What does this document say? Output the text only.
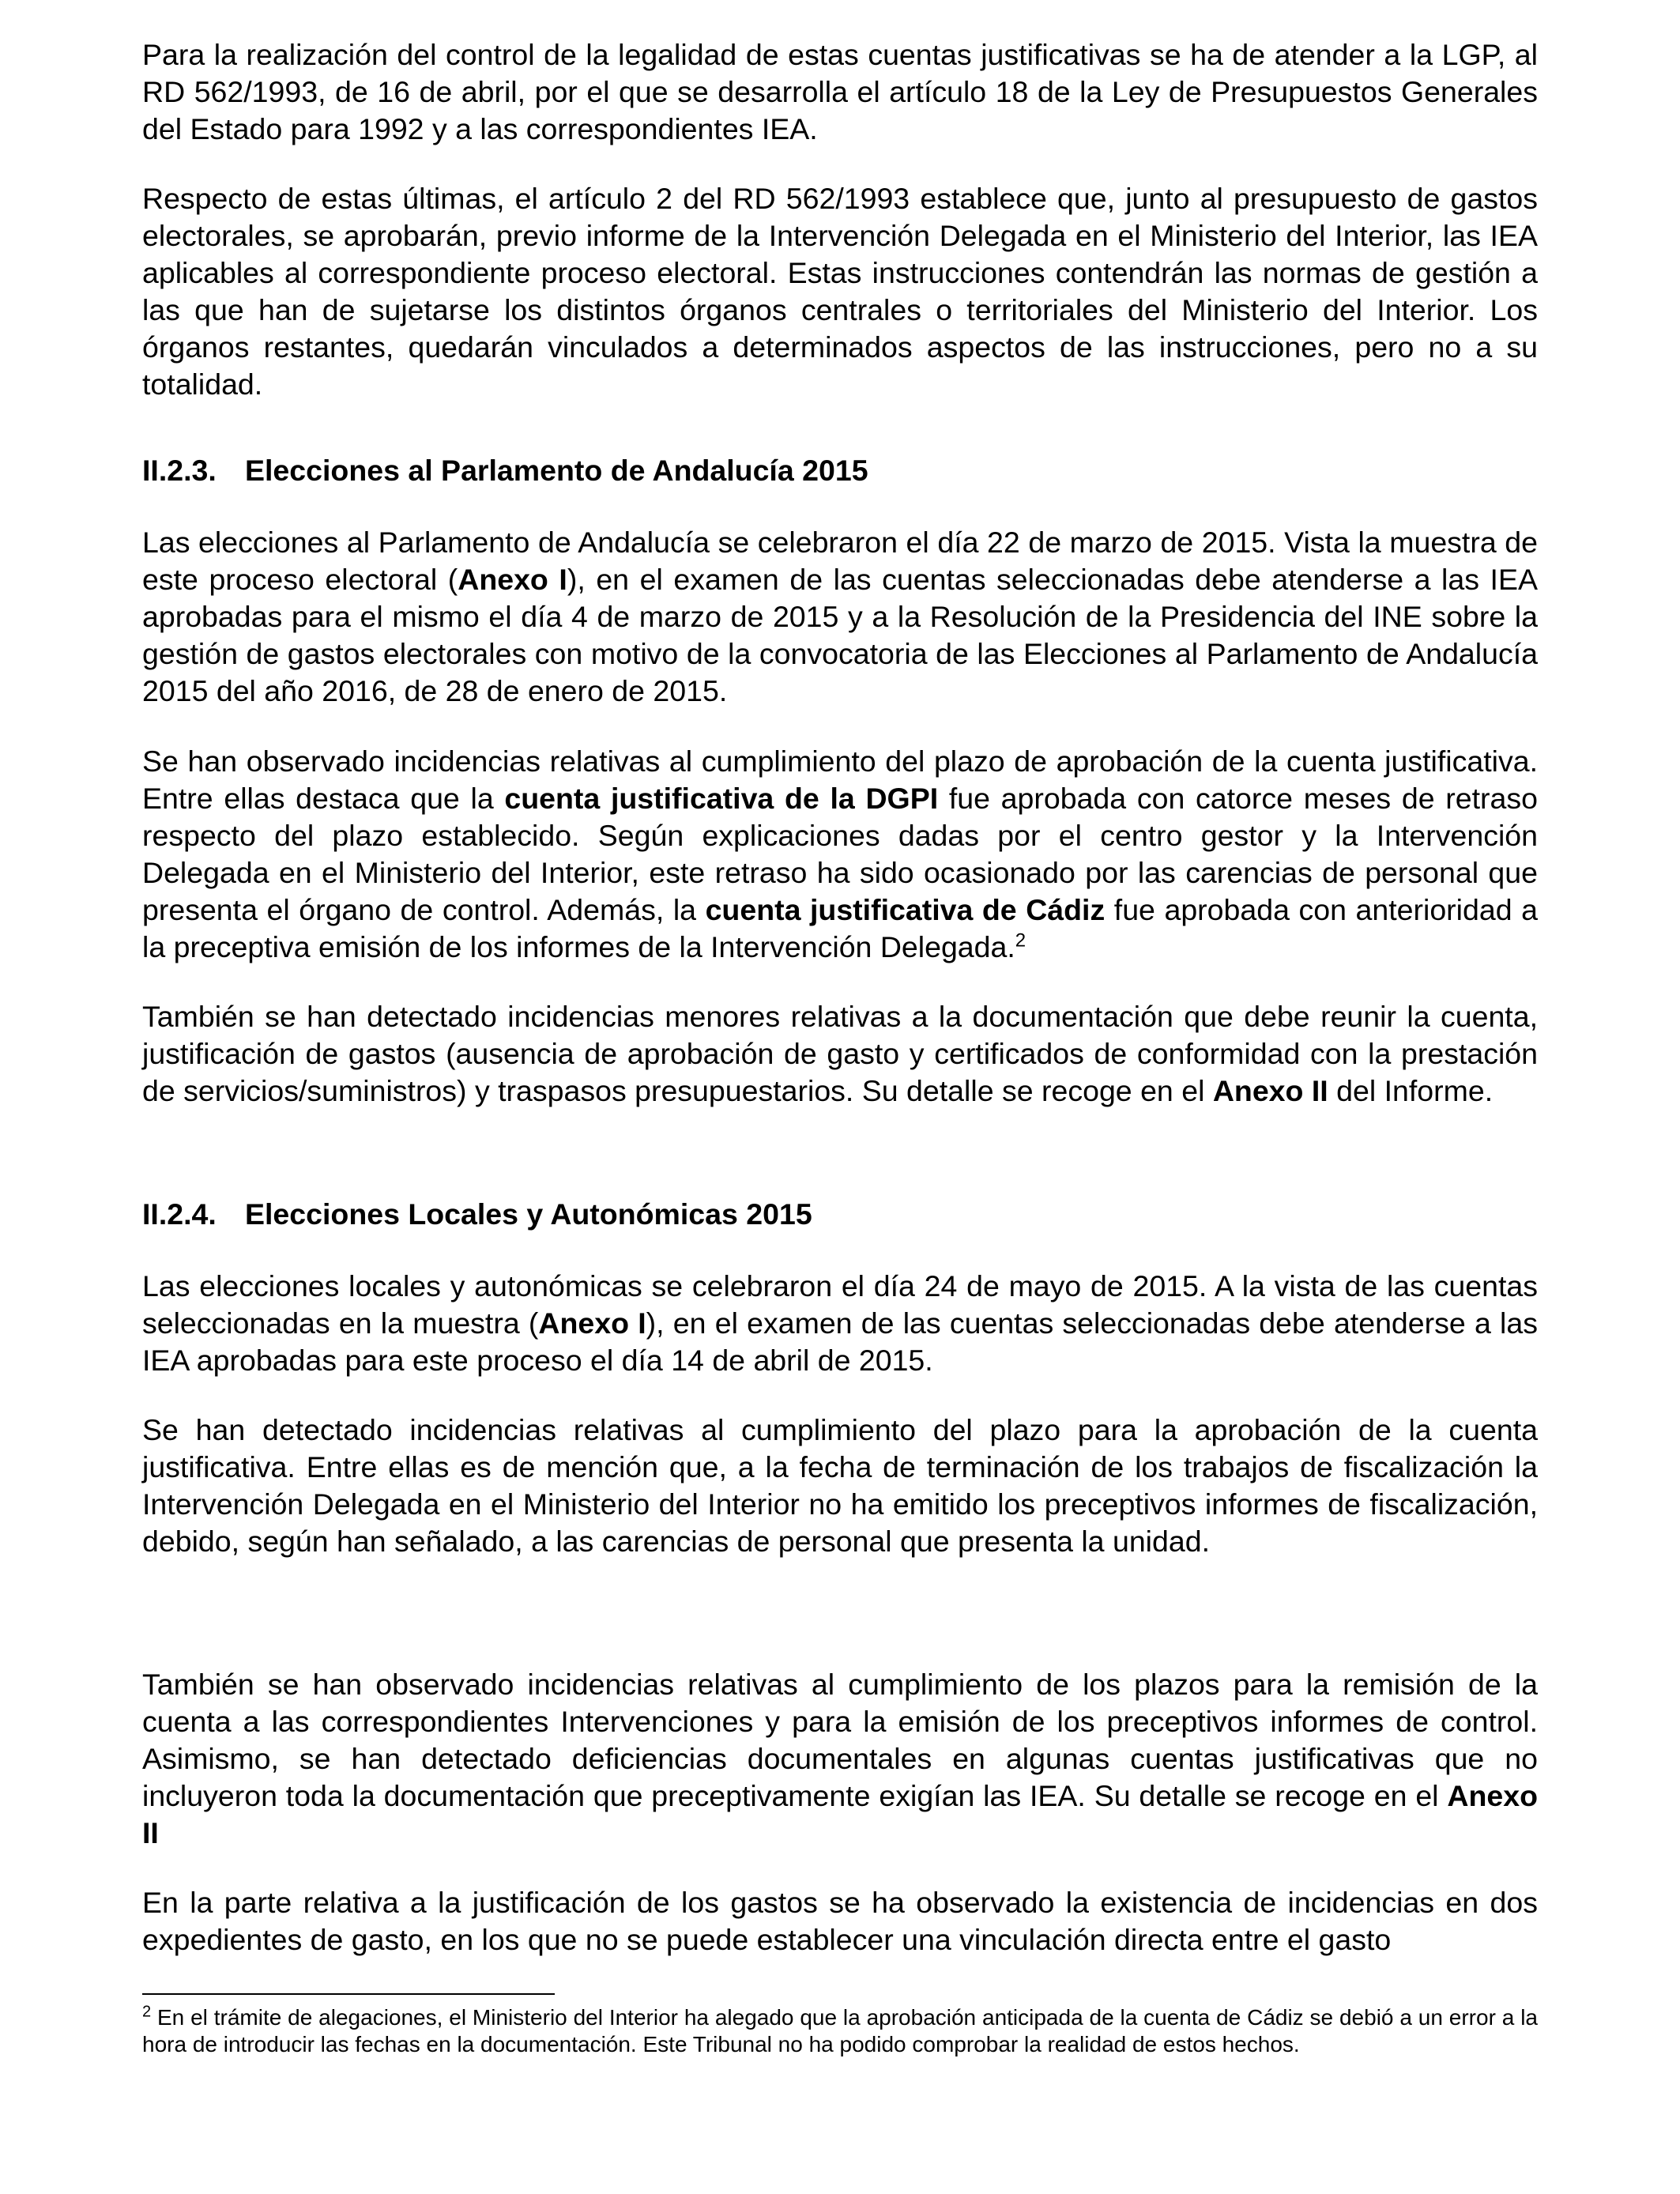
Para la realización del control de la legalidad de estas cuentas justificativas se ha de atender a la LGP, al RD 562/1993, de 16 de abril, por el que se desarrolla el artículo 18 de la Ley de Presupuestos Generales del Estado para 1992 y a las correspondientes IEA.

Respecto de estas últimas, el artículo 2 del RD 562/1993 establece que, junto al presupuesto de gastos electorales, se aprobarán, previo informe de la Intervención Delegada en el Ministerio del Interior, las IEA aplicables al correspondiente proceso electoral. Estas instrucciones contendrán las normas de gestión a las que han de sujetarse los distintos órganos centrales o territoriales del Ministerio del Interior. Los órganos restantes, quedarán vinculados a determinados aspectos de las instrucciones, pero no a su totalidad.

II.2.3. Elecciones al Parlamento de Andalucía 2015

Las elecciones al Parlamento de Andalucía se celebraron el día 22 de marzo de 2015. Vista la muestra de este proceso electoral (Anexo I), en el examen de las cuentas seleccionadas debe atenderse a las IEA aprobadas para el mismo el día 4 de marzo de 2015 y a la Resolución de la Presidencia del INE sobre la gestión de gastos electorales con motivo de la convocatoria de las Elecciones al Parlamento de Andalucía 2015 del año 2016, de 28 de enero de 2015.

Se han observado incidencias relativas al cumplimiento del plazo de aprobación de la cuenta justificativa. Entre ellas destaca que la cuenta justificativa de la DGPI fue aprobada con catorce meses de retraso respecto del plazo establecido. Según explicaciones dadas por el centro gestor y la Intervención Delegada en el Ministerio del Interior, este retraso ha sido ocasionado por las carencias de personal que presenta el órgano de control. Además, la cuenta justificativa de Cádiz fue aprobada con anterioridad a la preceptiva emisión de los informes de la Intervención Delegada.$^2$

También se han detectado incidencias menores relativas a la documentación que debe reunir la cuenta, justificación de gastos (ausencia de aprobación de gasto y certificados de conformidad con la prestación de servicios/suministros) y traspasos presupuestarios. Su detalle se recoge en el Anexo II del Informe.

II.2.4. Elecciones Locales y Autonómicas 2015

Las elecciones locales y autonómicas se celebraron el día 24 de mayo de 2015. A la vista de las cuentas seleccionadas en la muestra (Anexo I), en el examen de las cuentas seleccionadas debe atenderse a las IEA aprobadas para este proceso el día 14 de abril de 2015.

Se han detectado incidencias relativas al cumplimiento del plazo para la aprobación de la cuenta justificativa. Entre ellas es de mención que, a la fecha de terminación de los trabajos de fiscalización la Intervención Delegada en el Ministerio del Interior no ha emitido los preceptivos informes de fiscalización, debido, según han señalado, a las carencias de personal que presenta la unidad.

También se han observado incidencias relativas al cumplimiento de los plazos para la remisión de la cuenta a las correspondientes Intervenciones y para la emisión de los preceptivos informes de control. Asimismo, se han detectado deficiencias documentales en algunas cuentas justificativas que no incluyeron toda la documentación que preceptivamente exigían las IEA. Su detalle se recoge en el Anexo II

En la parte relativa a la justificación de los gastos se ha observado la existencia de incidencias en dos expedientes de gasto, en los que no se puede establecer una vinculación directa entre el gasto

$^2$ En el trámite de alegaciones, el Ministerio del Interior ha alegado que la aprobación anticipada de la cuenta de Cádiz se debió a un error a la hora de introducir las fechas en la documentación. Este Tribunal no ha podido comprobar la realidad de estos hechos.
